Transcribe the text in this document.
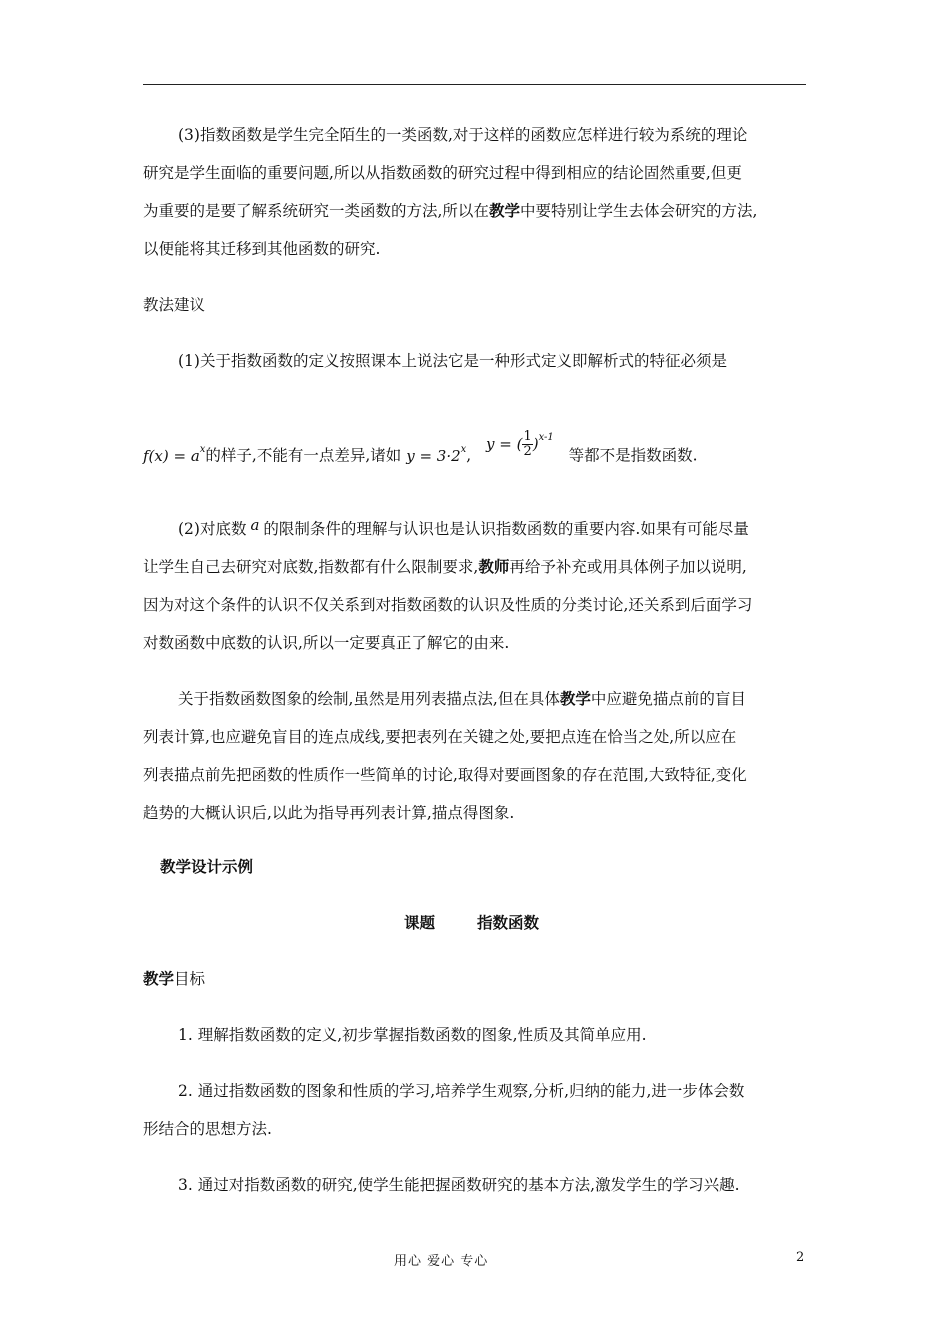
(3)指数函数是学生完全陌生的一类函数,对于这样的函数应怎样进行较为系统的理论
研究是学生面临的重要问题,所以从指数函数的研究过程中得到相应的结论固然重要,但更
为重要的是要了解系统研究一类函数的方法,所以在教学中要特别让学生去体会研究的方法,
以便能将其迁移到其他函数的研究.
教法建议
(1)关于指数函数的定义按照课本上说法它是一种形式定义即解析式的特征必须是
$f(x) = a^x$的样子,不能有一点差异,诸如 $y = 3\cdot 2^x$,   y = ( $\frac{1}{2} )^{x-1}$   等都不是指数函数.
(2)对底数 a 的限制条件的理解与认识也是认识指数函数的重要内容.如果有可能尽量
让学生自己去研究对底数,指数都有什么限制要求,教师再给予补充或用具体例子加以说明,
因为对这个条件的认识不仅关系到对指数函数的认识及性质的分类讨论,还关系到后面学习
对数函数中底数的认识,所以一定要真正了解它的由来.
关于指数函数图象的绘制,虽然是用列表描点法,但在具体教学中应避免描点前的盲目
列表计算,也应避免盲目的连点成线,要把表列在关键之处,要把点连在恰当之处,所以应在
列表描点前先把函数的性质作一些简单的讨论,取得对要画图象的存在范围,大致特征,变化
趋势的大概认识后,以此为指导再列表计算,描点得图象.
教学设计示例
课题	指数函数
教学目标
1. 理解指数函数的定义,初步掌握指数函数的图象,性质及其简单应用.
2. 通过指数函数的图象和性质的学习,培养学生观察,分析,归纳的能力,进一步体会数
形结合的思想方法.
3. 通过对指数函数的研究,使学生能把握函数研究的基本方法,激发学生的学习兴趣.
用心 爱心 专心	2
